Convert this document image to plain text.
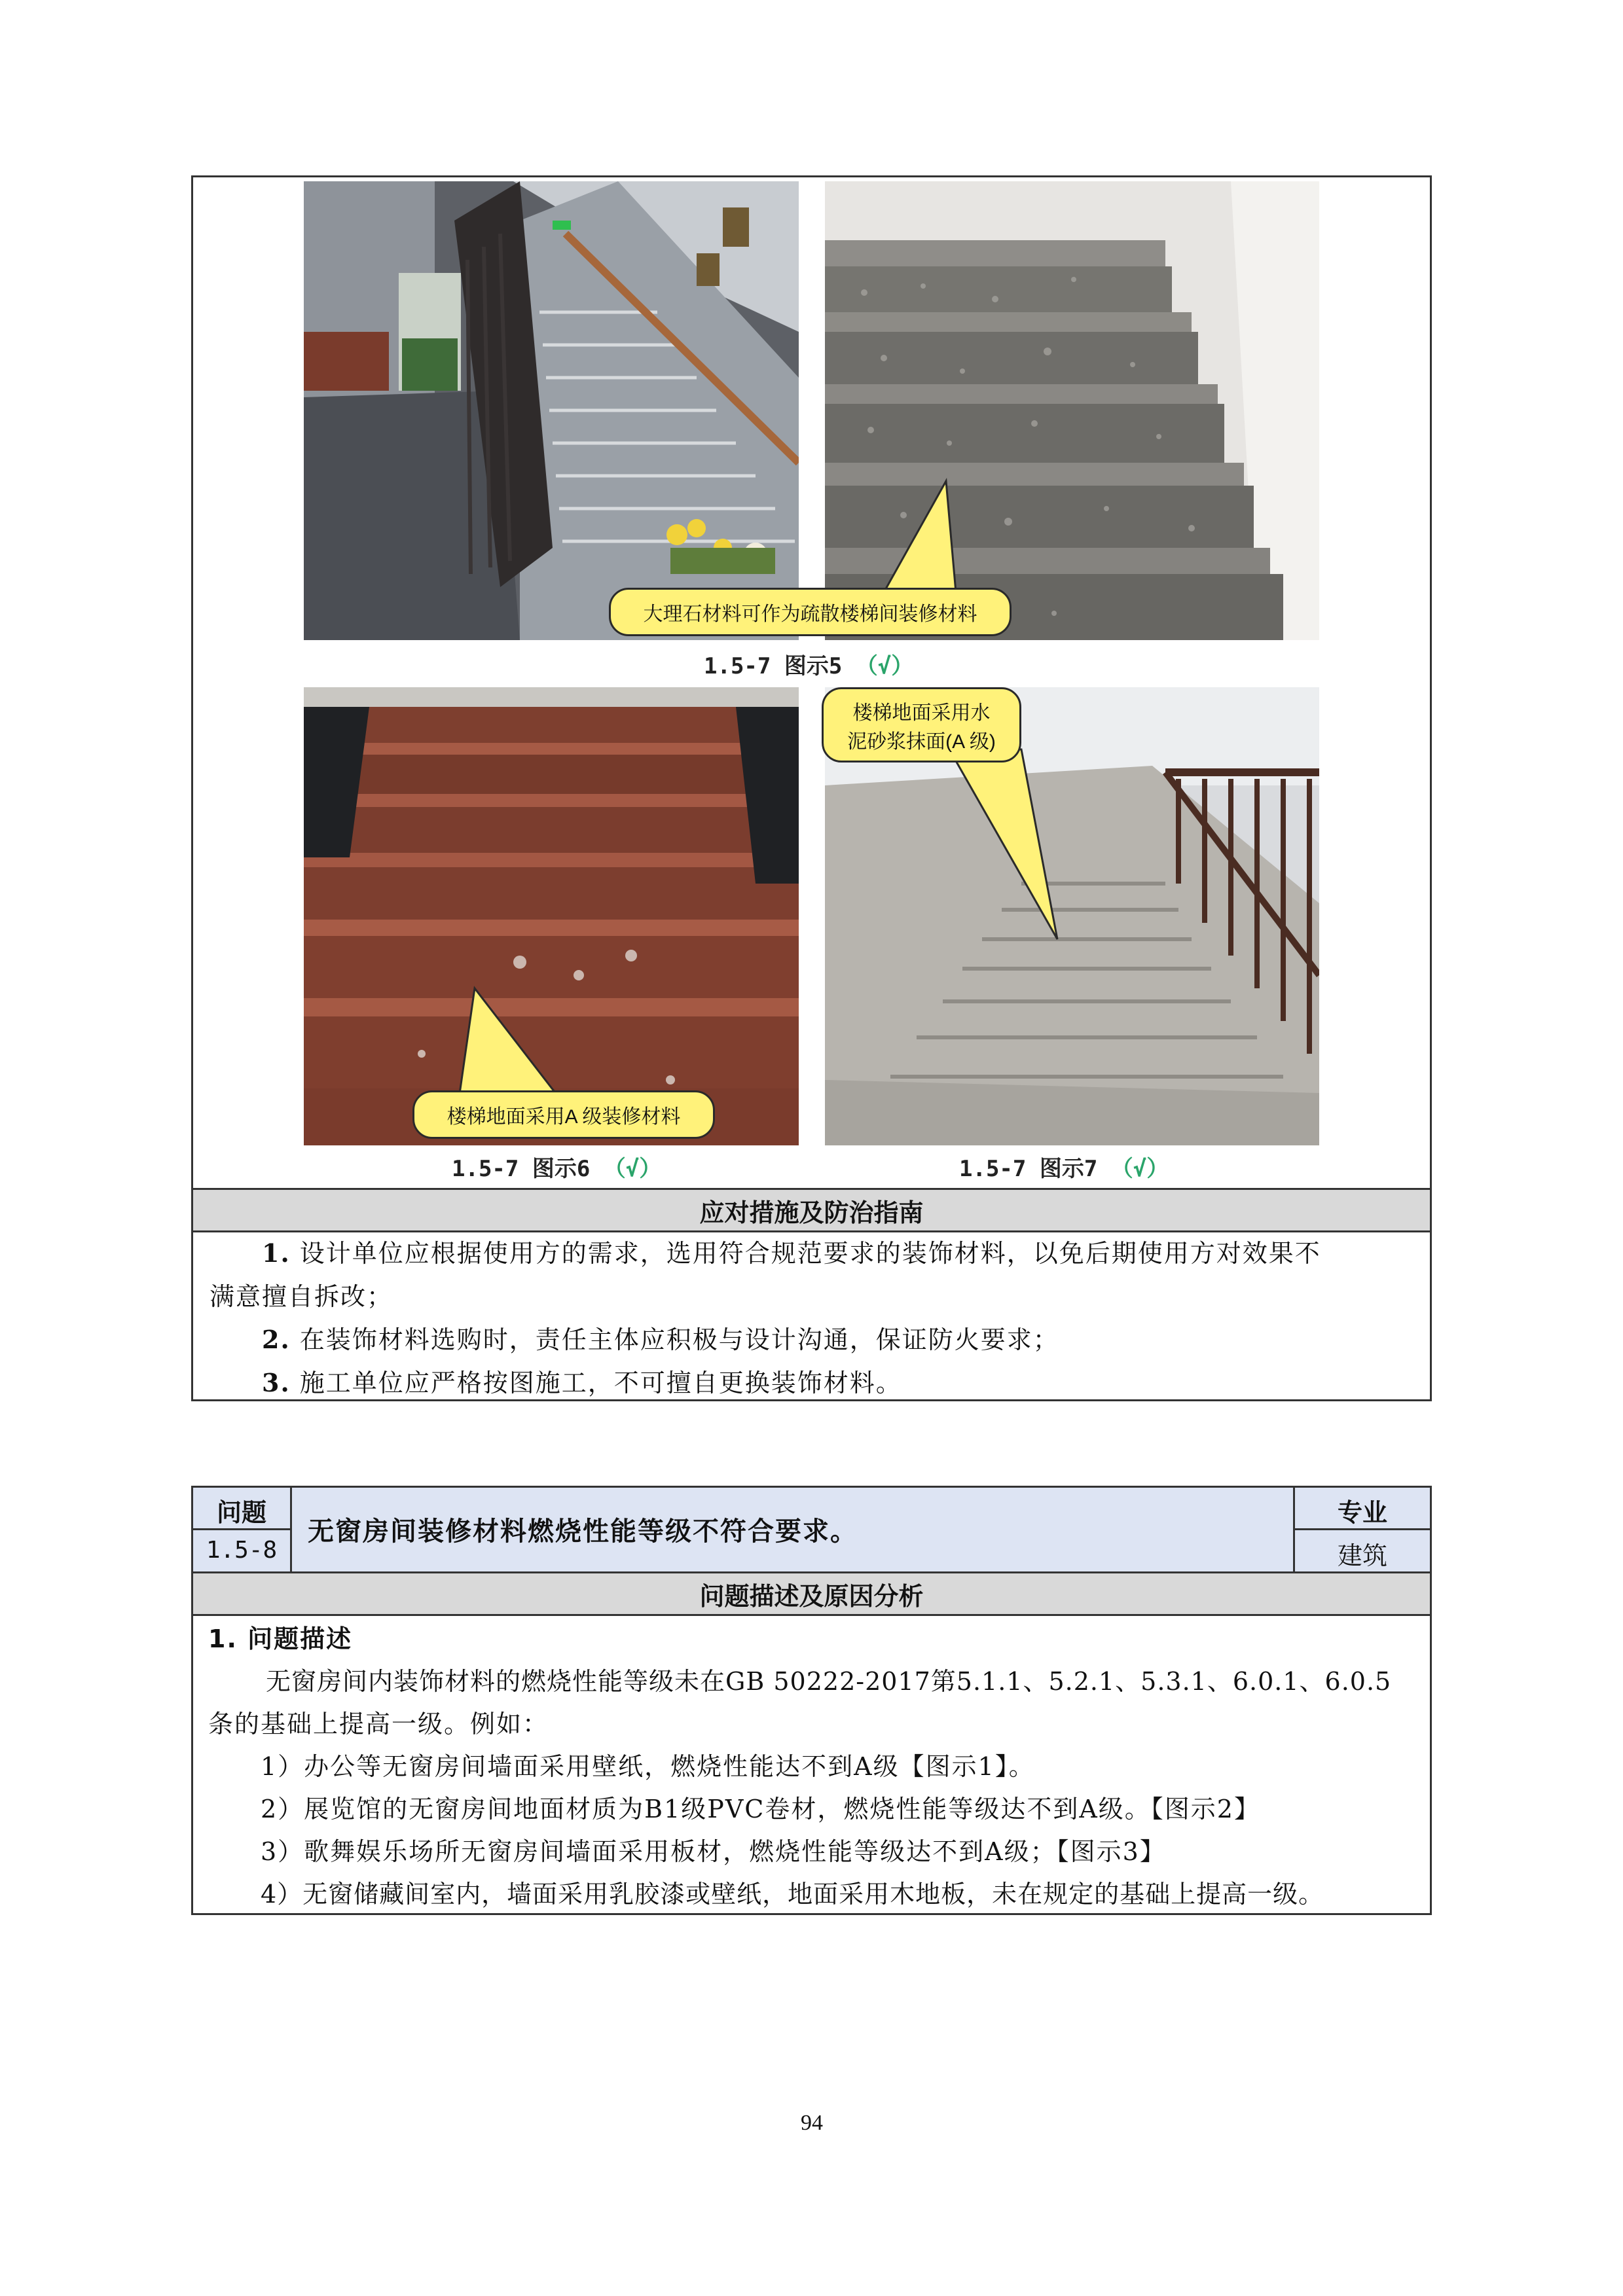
大理石材料可作为疏散楼梯间装修材料
1.5-7 图示5 （√）
楼梯地面采用A 级装修材料
楼梯地面采用水
泥砂浆抹面(A 级)
1.5-7 图示6 （√）	1.5-7 图示7 （√）
应对措施及防治指南
1. 设计单位应根据使用方的需求，选用符合规范要求的装饰材料，以免后期使用方对效果不
满意擅自拆改；
2. 在装饰材料选购时，责任主体应积极与设计沟通，保证防火要求；
3. 施工单位应严格按图施工，不可擅自更换装饰材料。
问题
1.5-8
无窗房间装修材料燃烧性能等级不符合要求。
专业
建筑
问题描述及原因分析
1. 问题描述
无窗房间内装饰材料的燃烧性能等级未在GB 50222-2017第5.1.1、5.2.1、5.3.1、6.0.1、6.0.5
条的基础上提高一级。例如：
1）办公等无窗房间墙面采用壁纸，燃烧性能达不到A级【图示1】。
2）展览馆的无窗房间地面材质为B1级PVC卷材，燃烧性能等级达不到A级。【图示2】
3）歌舞娱乐场所无窗房间墙面采用板材，燃烧性能等级达不到A级；【图示3】
4）无窗储藏间室内，墙面采用乳胶漆或壁纸，地面采用木地板，未在规定的基础上提高一级。
94
